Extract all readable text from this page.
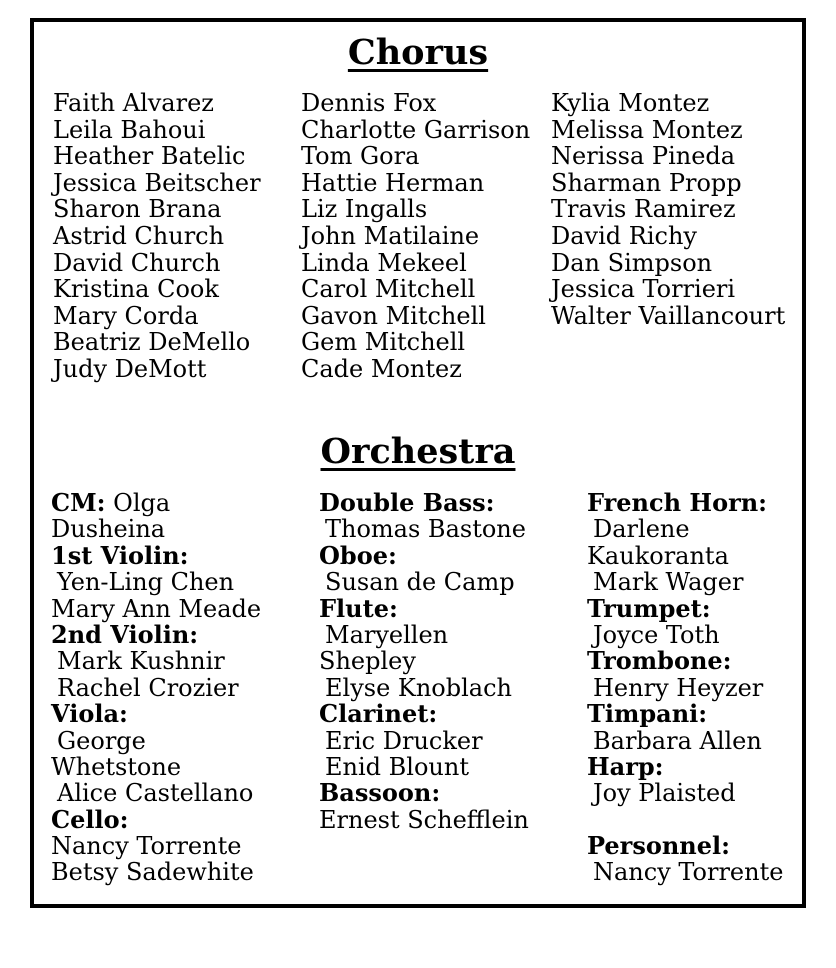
Chorus
Faith Alvarez
Leila Bahoui
Heather Batelic
Jessica Beitscher
Sharon Brana
Astrid Church
David Church
Kristina Cook
Mary Corda
Beatriz DeMello
Judy DeMott
Dennis Fox
Charlotte Garrison
Tom Gora
Hattie Herman
Liz Ingalls
John Matilaine
Linda Mekeel
Carol Mitchell
Gavon Mitchell
Gem Mitchell
Cade Montez
Kylia Montez
Melissa Montez
Nerissa Pineda
Sharman Propp
Travis Ramirez
David Richy
Dan Simpson
Jessica Torrieri
Walter Vaillancourt
Orchestra
CM: Olga
Dusheina
1st Violin:
Yen-Ling Chen
Mary Ann Meade
2nd Violin:
Mark Kushnir
Rachel Crozier
Viola:
George
Whetstone
Alice Castellano
Cello:
Nancy Torrente
Betsy Sadewhite
Double Bass:
Thomas Bastone
Oboe:
Susan de Camp
Flute:
Maryellen
Shepley
Elyse Knoblach
Clarinet:
Eric Drucker
Enid Blount
Bassoon:
Ernest Schefflein
French Horn:
Darlene
Kaukoranta
Mark Wager
Trumpet:
Joyce Toth
Trombone:
Henry Heyzer
Timpani:
Barbara Allen
Harp:
Joy Plaisted
Personnel:
Nancy Torrente
